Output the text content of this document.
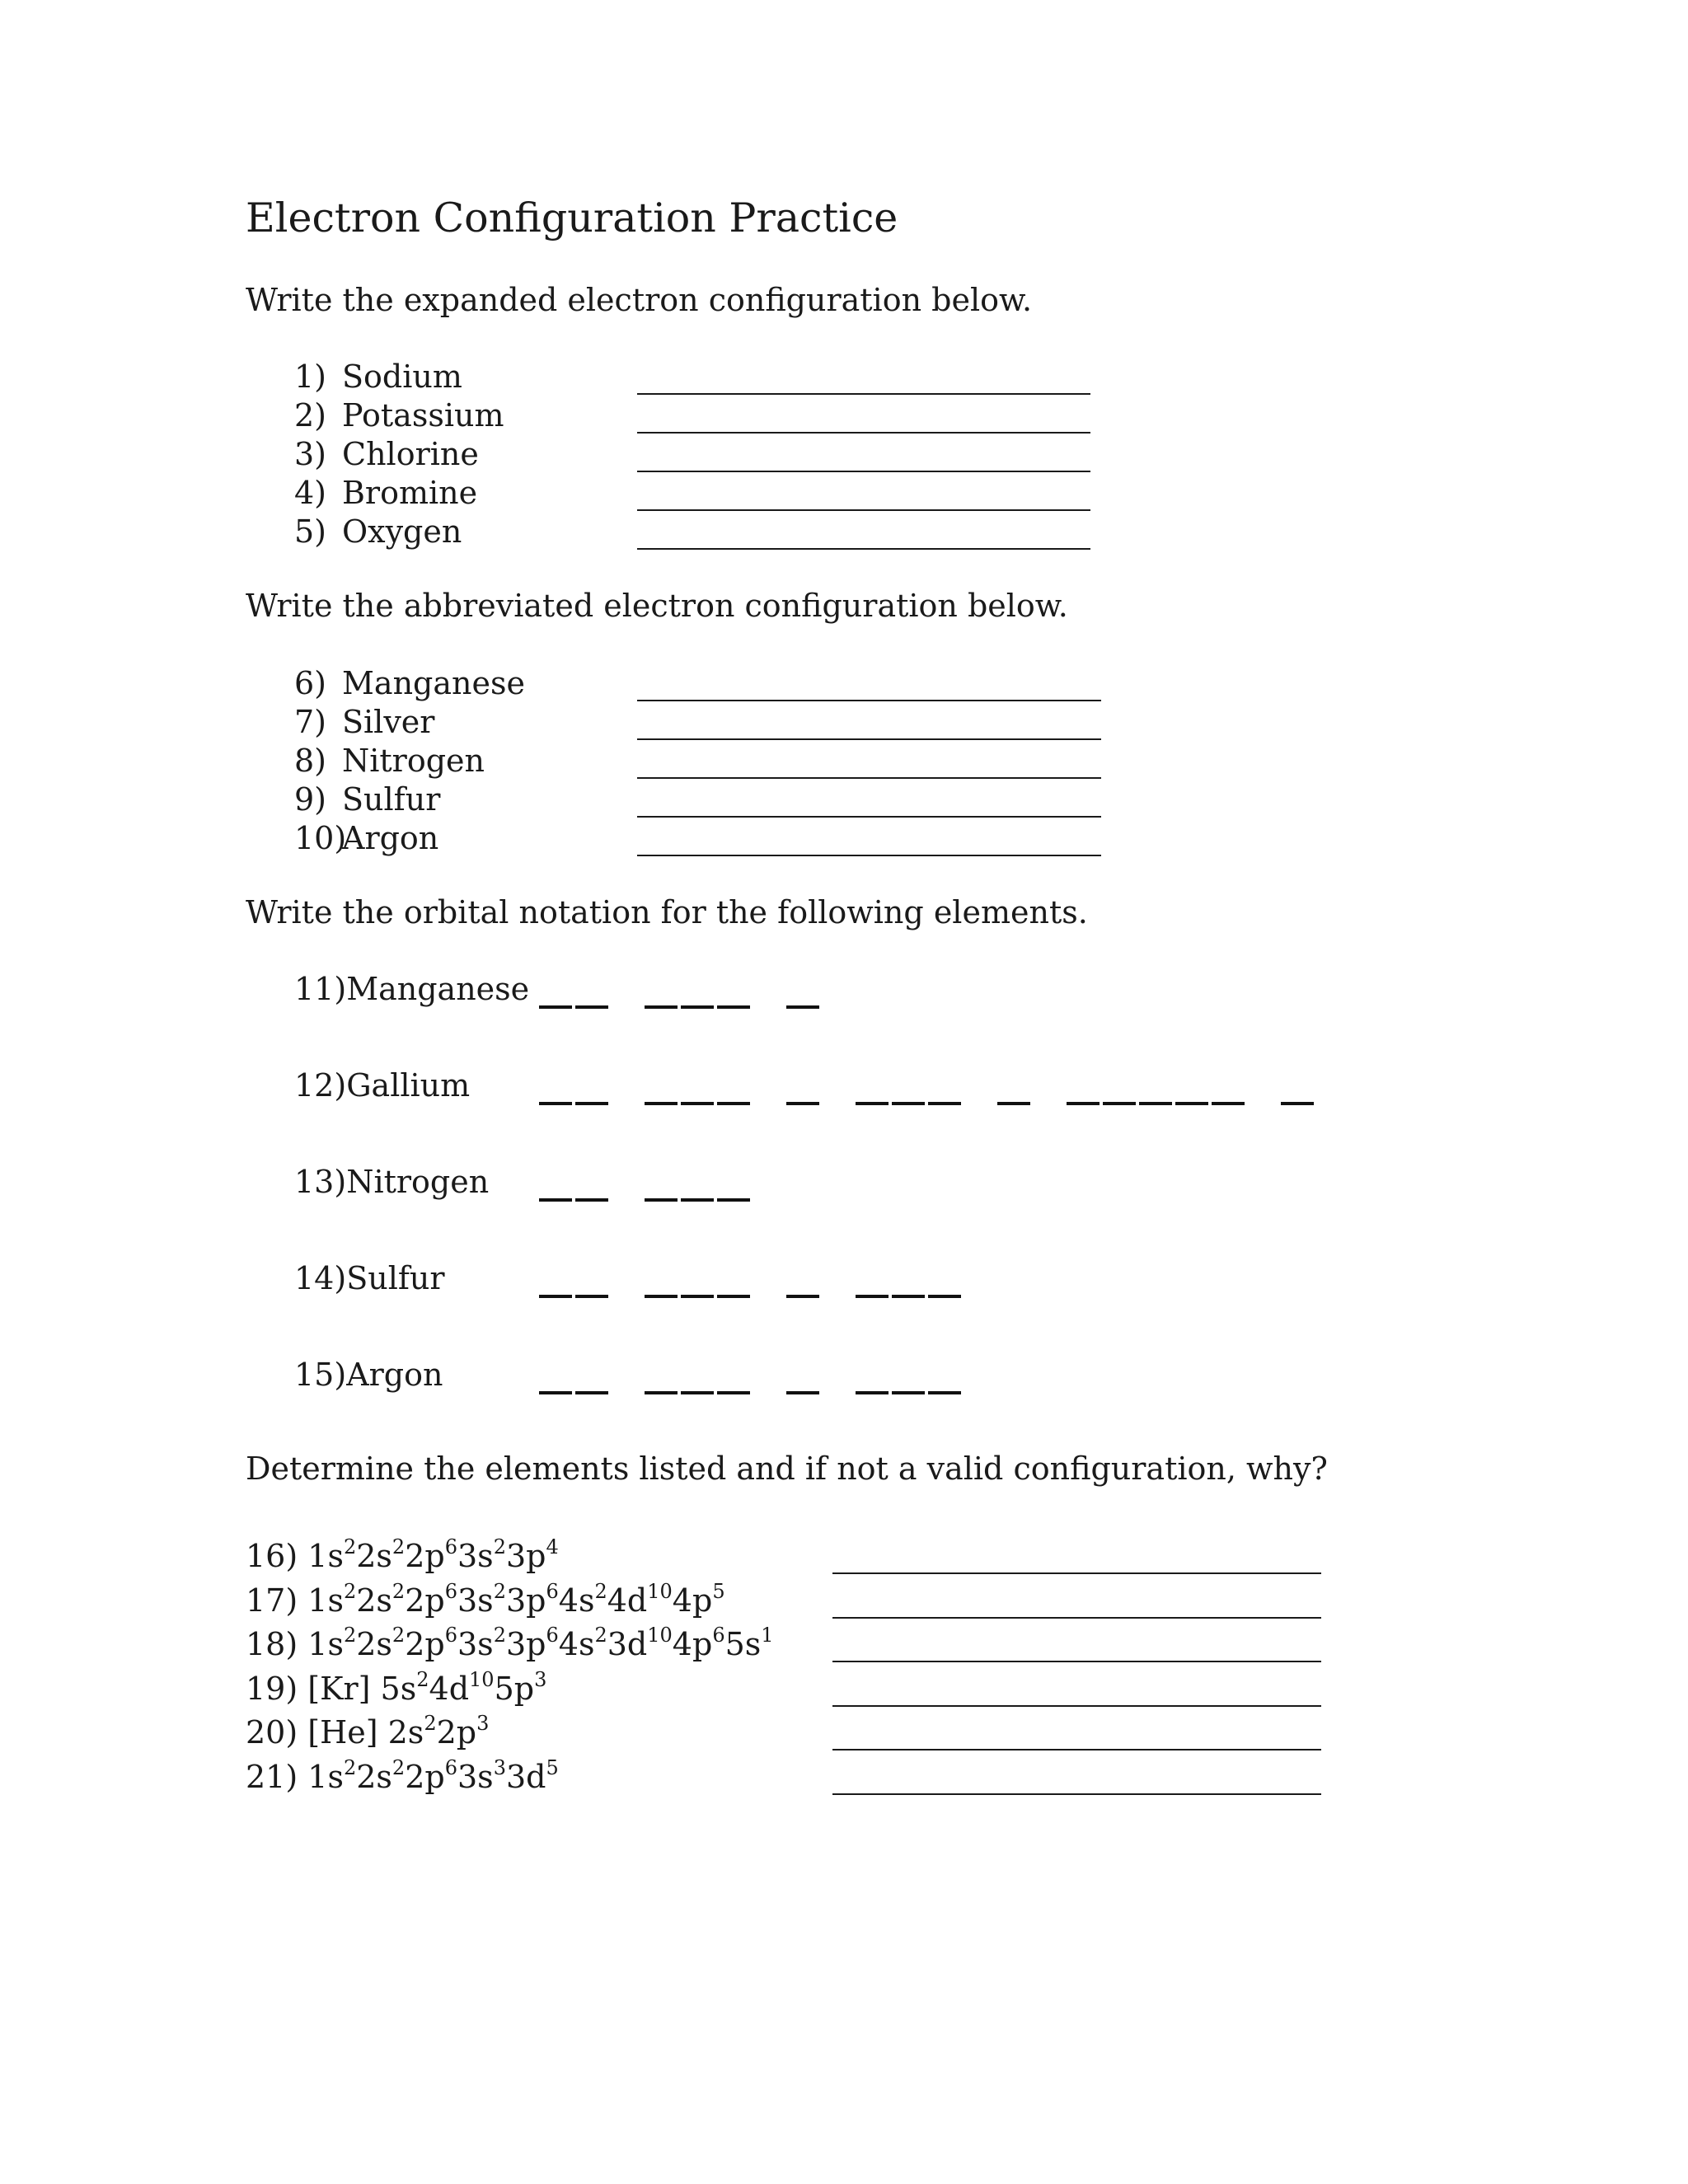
Electron Configuration Practice
Write the expanded electron configuration below.
1) Sodium
2) Potassium
3) Chlorine
4) Bromine
5) Oxygen
Write the abbreviated electron configuration below.
6) Manganese
7) Silver
8) Nitrogen
9) Sulfur
10)
Argon
Write the orbital notation for the following elements.
11)Manganese
12)Gallium
13)Nitrogen
14)Sulfur
15)Argon
Determine the elements listed and if not a valid configuration, why?
16) $1s^22s^22p^63s^23p^4$
17) $1s^22s^22p^63s^23p^64s^24d^{10}4p^5$
18) $1s^22s^22p^63s^23p^64s^23d^{10}4p^65s^1$
19) [Kr] $5s^24d^{10}5p^3$
20) [He] $2s^22p^3$
21) $1s^22s^22p^63s^33d^5$
